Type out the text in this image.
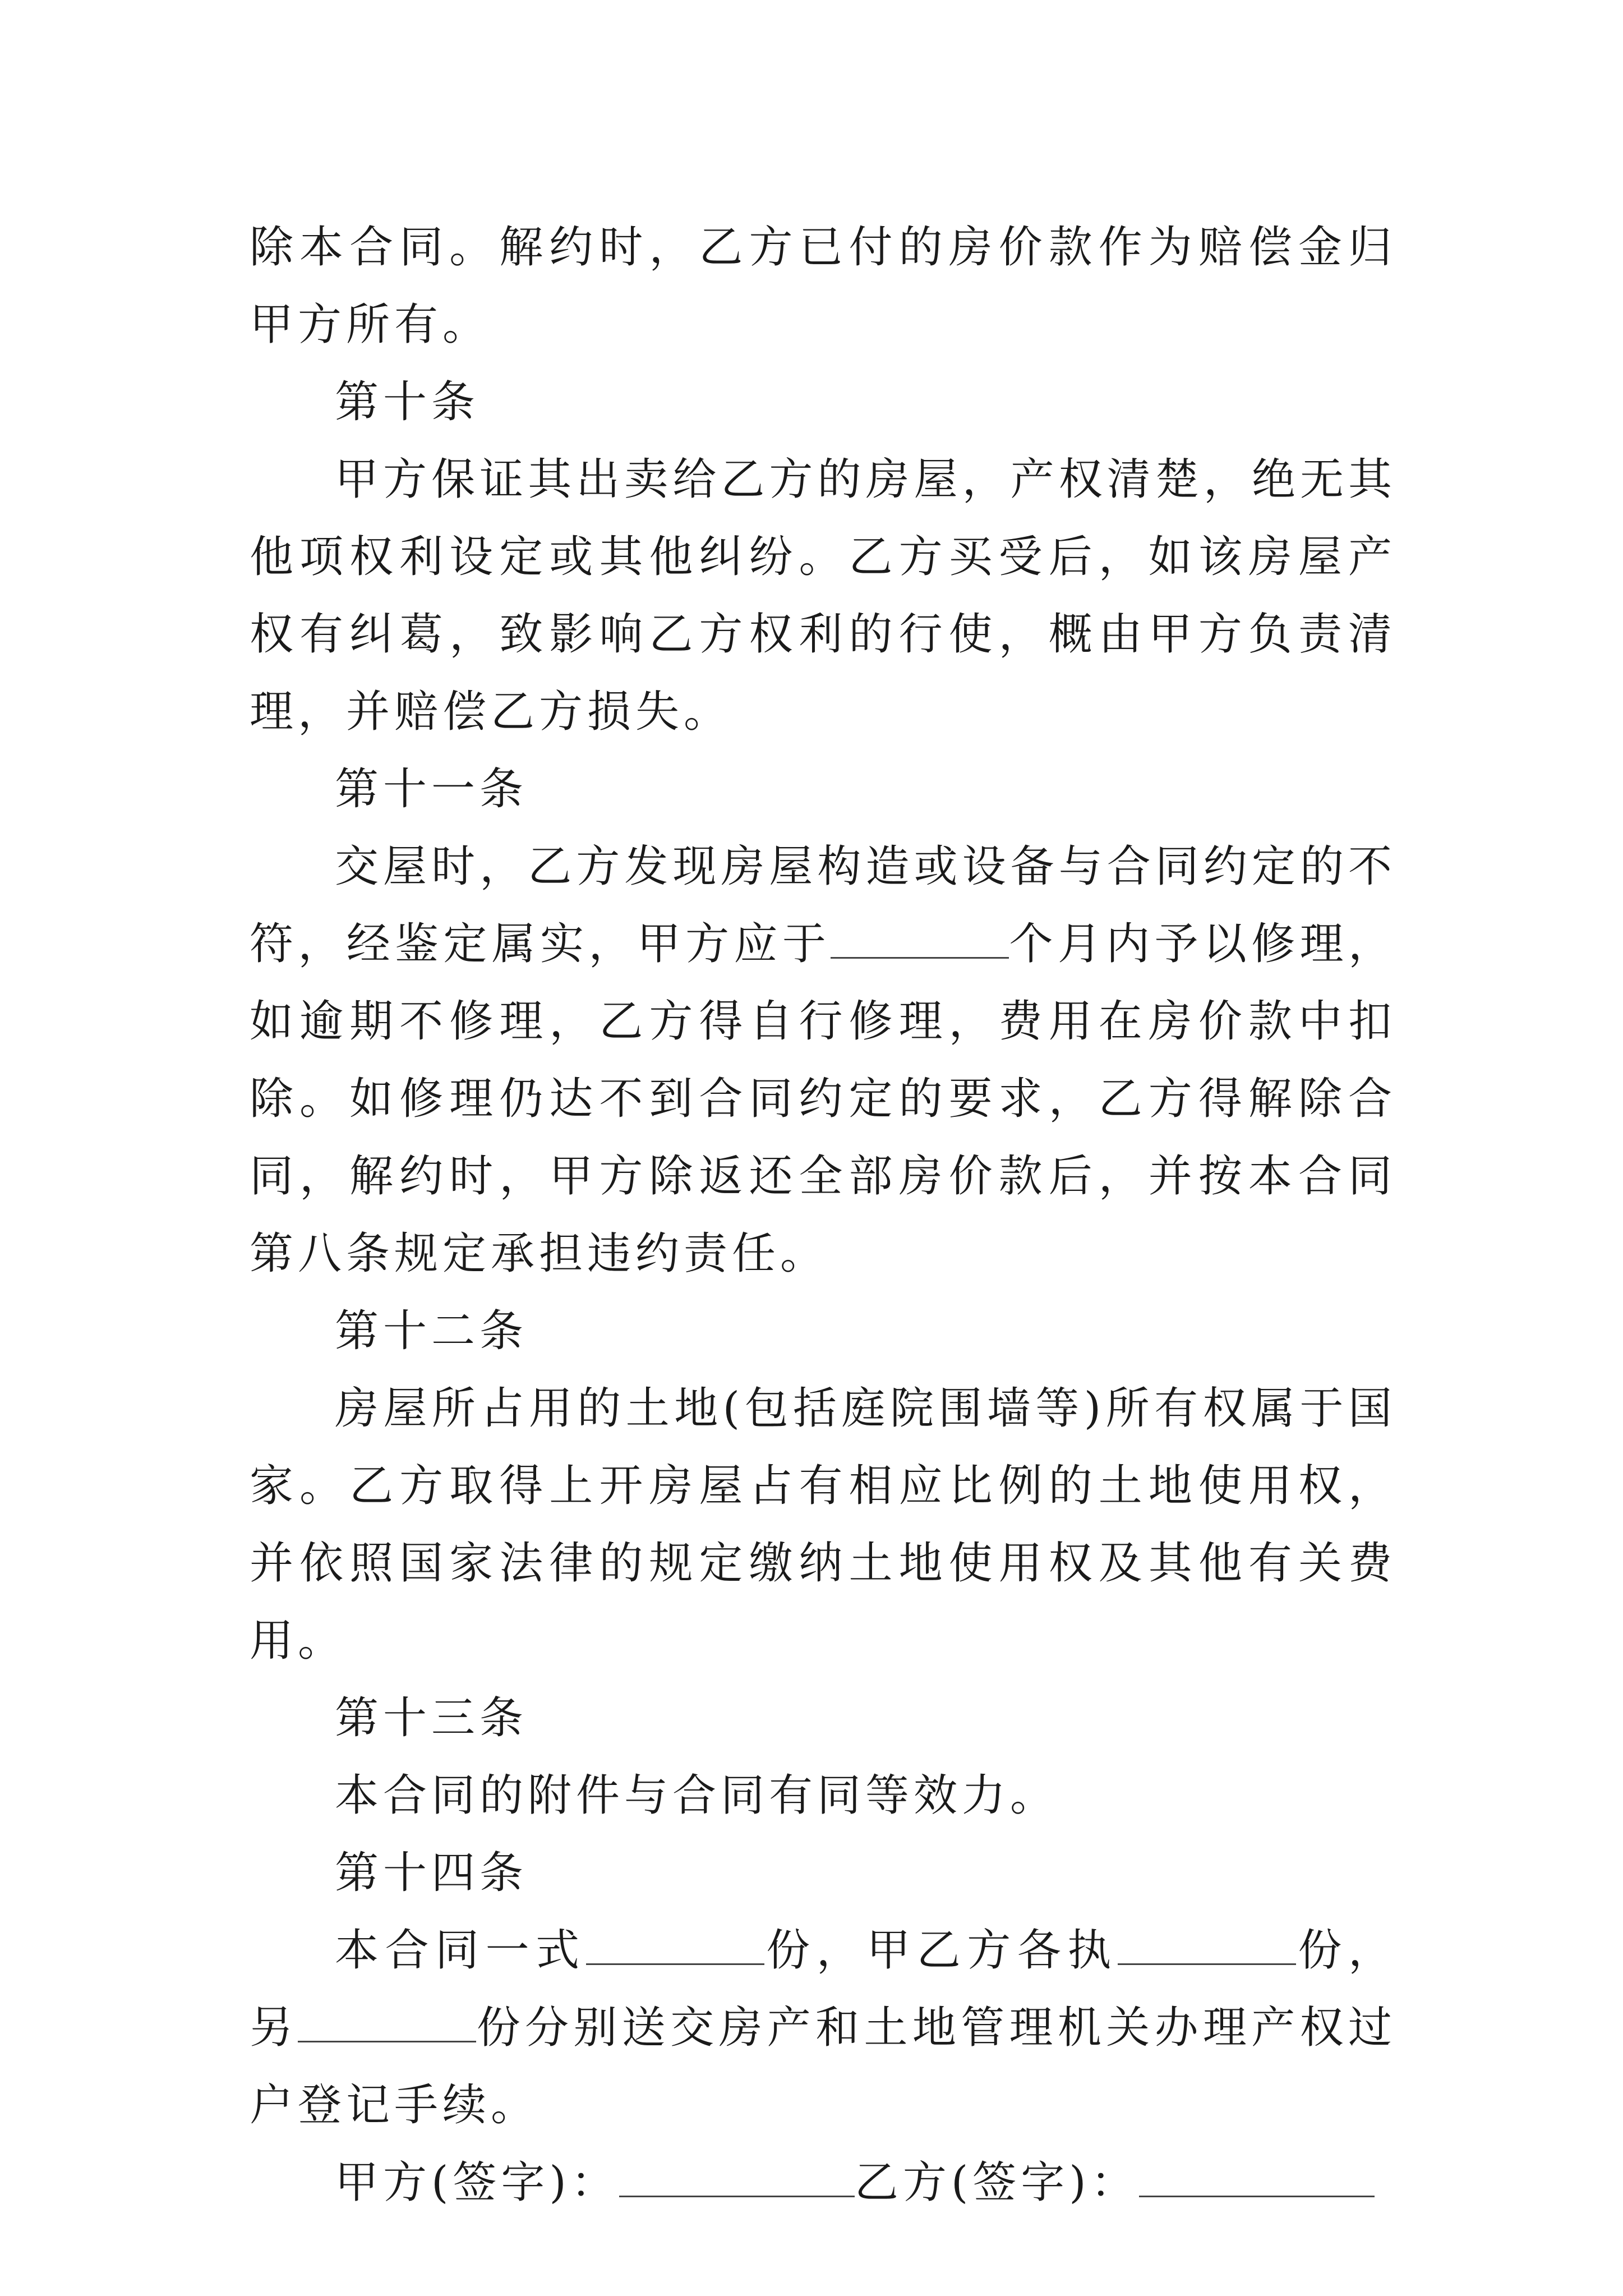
除本合同。解约时，乙方已付的房价款作为赔偿金归甲方所有。

第十条

甲方保证其出卖给乙方的房屋，产权清楚，绝无其他项权利设定或其他纠纷。乙方买受后，如该房屋产权有纠葛，致影响乙方权利的行使，概由甲方负责清理，并赔偿乙方损失。

第十一条

交屋时，乙方发现房屋构造或设备与合同约定的不符，经鉴定属实，甲方应于	个月内予以修理，如逾期不修理，乙方得自行修理，费用在房价款中扣除。如修理仍达不到合同约定的要求，乙方得解除合同，解约时，甲方除返还全部房价款后，并按本合同第八条规定承担违约责任。

第十二条

房屋所占用的土地(包括庭院围墙等)所有权属于国家。乙方取得上开房屋占有相应比例的土地使用权，并依照国家法律的规定缴纳土地使用权及其他有关费用。

第十三条

本合同的附件与合同有同等效力。

第十四条

本合同一式	份，甲乙方各执	份，另	份分别送交房产和土地管理机关办理产权过户登记手续。

甲方(签字)：	乙方(签字)：
